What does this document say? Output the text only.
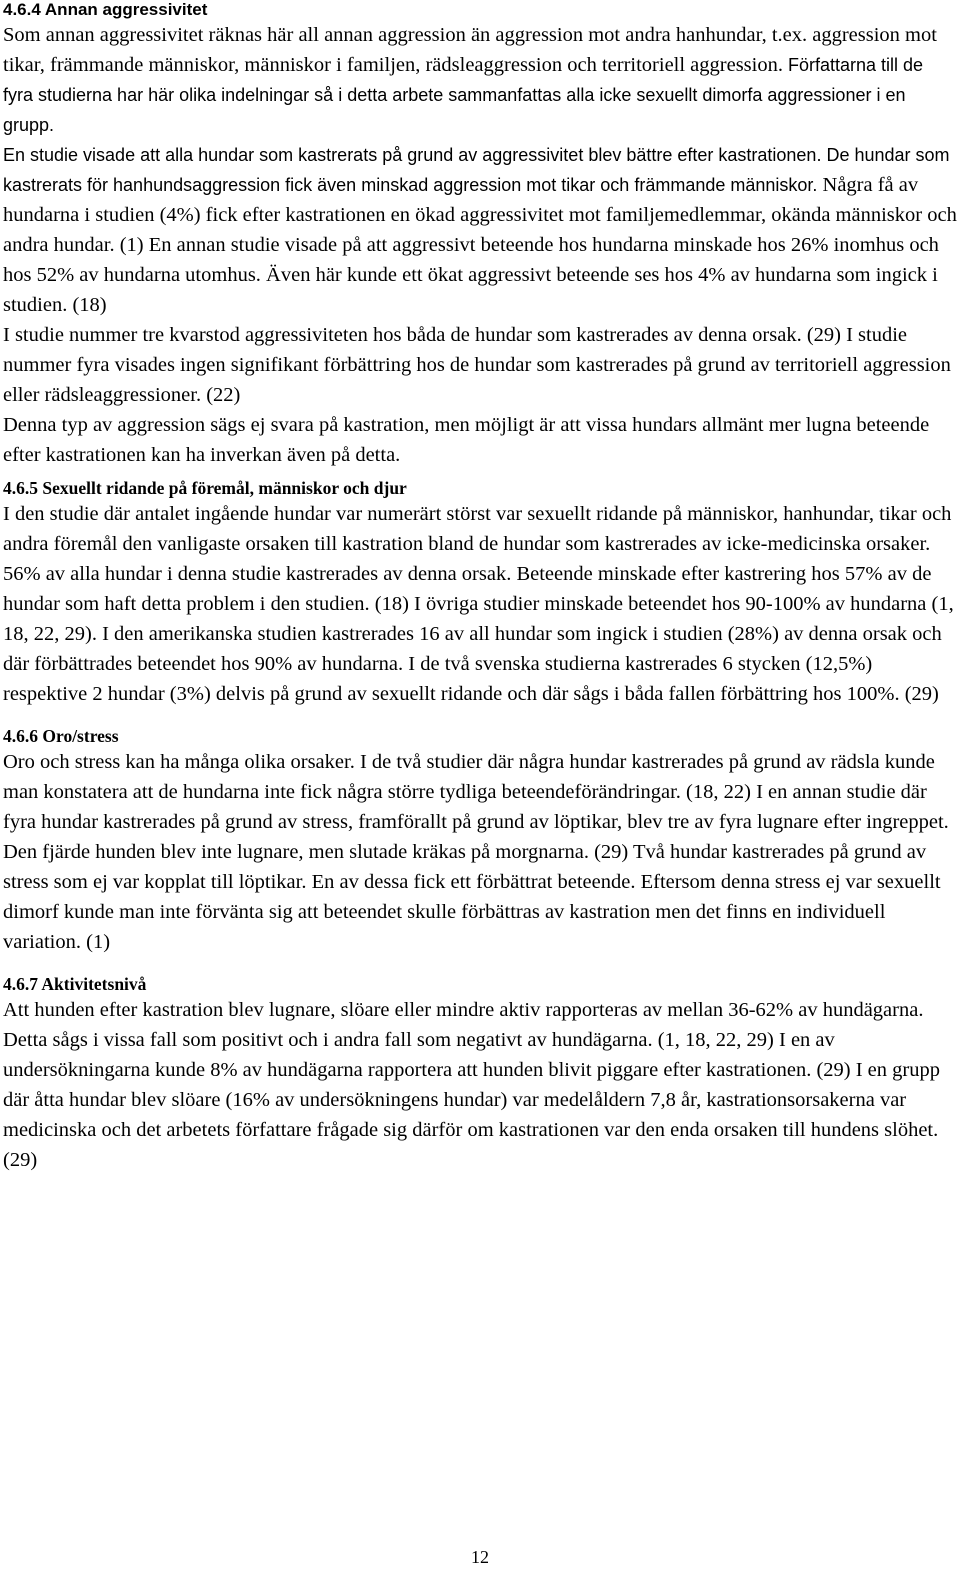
4.6.4 Annan aggressivitet

Som annan aggressivitet räknas här all annan aggression än aggression mot andra hanhundar, t.ex. aggression mot tikar, främmande människor, människor i familjen, rädsleaggression och territoriell aggression. Författarna till de fyra studierna har här olika indelningar så i detta arbete sammanfattas alla icke sexuellt dimorfa aggressioner i en grupp.

En studie visade att alla hundar som kastrerats på grund av aggressivitet blev bättre efter kastrationen. De hundar som kastrerats för hanhundsaggression fick även minskad aggression mot tikar och främmande människor. Några få av hundarna i studien (4%) fick efter kastrationen en ökad aggressivitet mot familjemedlemmar, okända människor och andra hundar. (1) En annan studie visade på att aggressivt beteende hos hundarna minskade hos 26% inomhus och hos 52% av hundarna utomhus. Även här kunde ett ökat aggressivt beteende ses hos 4% av hundarna som ingick i studien. (18)

I studie nummer tre kvarstod aggressiviteten hos båda de hundar som kastrerades av denna orsak. (29) I studie nummer fyra visades ingen signifikant förbättring hos de hundar som kastrerades på grund av territoriell aggression eller rädsleaggressioner. (22)

Denna typ av aggression sägs ej svara på kastration, men möjligt är att vissa hundars allmänt mer lugna beteende efter kastrationen kan ha inverkan även på detta.

4.6.5 Sexuellt ridande på föremål, människor och djur

I den studie där antalet ingående hundar var numerärt störst var sexuellt ridande på människor, hanhundar, tikar och andra föremål den vanligaste orsaken till kastration bland de hundar som kastrerades av icke-medicinska orsaker. 56% av alla hundar i denna studie kastrerades av denna orsak. Beteende minskade efter kastrering hos 57% av de hundar som haft detta problem i den studien. (18) I övriga studier minskade beteendet hos 90-100% av hundarna (1, 18, 22, 29). I den amerikanska studien kastrerades 16 av all hundar som ingick i studien (28%) av denna orsak och där förbättrades beteendet hos 90% av hundarna. I de två svenska studierna kastrerades 6 stycken (12,5%) respektive 2 hundar (3%) delvis på grund av sexuellt ridande och där sågs i båda fallen förbättring hos 100%. (29)

4.6.6 Oro/stress

Oro och stress kan ha många olika orsaker. I de två studier där några hundar kastrerades på grund av rädsla kunde man konstatera att de hundarna inte fick några större tydliga beteendeförändringar. (18, 22) I en annan studie där fyra hundar kastrerades på grund av stress, framförallt på grund av löptikar, blev tre av fyra lugnare efter ingreppet. Den fjärde hunden blev inte lugnare, men slutade kräkas på morgnarna. (29) Två hundar kastrerades på grund av stress som ej var kopplat till löptikar. En av dessa fick ett förbättrat beteende. Eftersom denna stress ej var sexuellt dimorf kunde man inte förvänta sig att beteendet skulle förbättras av kastration men det finns en individuell variation. (1)

4.6.7 Aktivitetsnivå

Att hunden efter kastration blev lugnare, slöare eller mindre aktiv rapporteras av mellan 36-62% av hundägarna. Detta sågs i vissa fall som positivt och i andra fall som negativt av hundägarna. (1, 18, 22, 29) I en av undersökningarna kunde 8% av hundägarna rapportera att hunden blivit piggare efter kastrationen. (29) I en grupp där åtta hundar blev slöare (16% av undersökningens hundar) var medelåldern 7,8 år, kastrationsorsakerna var medicinska och det arbetets författare frågade sig därför om kastrationen var den enda orsaken till hundens slöhet. (29)

12
